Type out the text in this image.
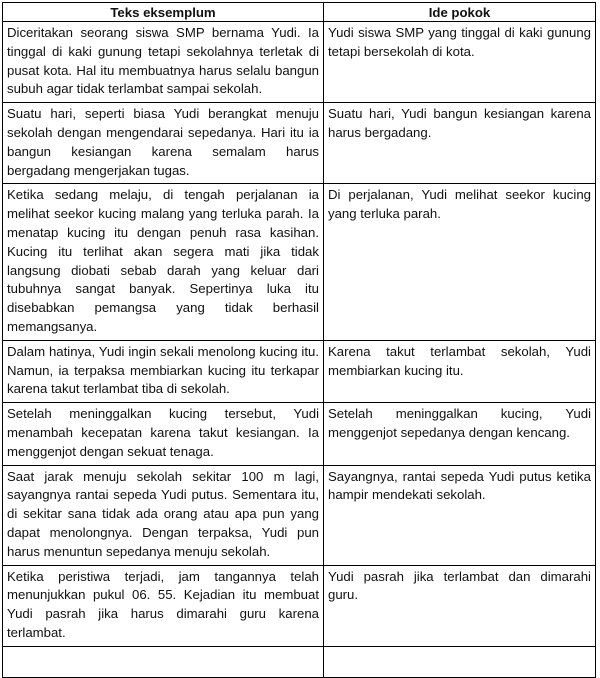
Teks eksemplum	Ide pokok
Diceritakan seorang siswa SMP bernama Yudi. Ia tinggal di kaki gunung tetapi sekolahnya terletak di pusat kota. Hal itu membuatnya harus selalu bangun subuh agar tidak terlambat sampai sekolah.
Yudi siswa SMP yang tinggal di kaki gunung tetapi bersekolah di kota.
Suatu hari, seperti biasa Yudi berangkat menuju sekolah dengan mengendarai sepedanya. Hari itu ia bangun kesiangan karena semalam harus bergadang mengerjakan tugas.
Suatu hari, Yudi bangun kesiangan karena harus bergadang.
Ketika sedang melaju, di tengah perjalanan ia melihat seekor kucing malang yang terluka parah. Ia menatap kucing itu dengan penuh rasa kasihan. Kucing itu terlihat akan segera mati jika tidak langsung diobati sebab darah yang keluar dari tubuhnya sangat banyak. Sepertinya luka itu disebabkan pemangsa yang tidak berhasil memangsanya.
Di perjalanan, Yudi melihat seekor kucing yang terluka parah.
Dalam hatinya, Yudi ingin sekali menolong kucing itu. Namun, ia terpaksa membiarkan kucing itu terkapar karena takut terlambat tiba di sekolah.
Karena takut terlambat sekolah, Yudi membiarkan kucing itu.
Setelah meninggalkan kucing tersebut, Yudi menambah kecepatan karena takut kesiangan. Ia menggenjot dengan sekuat tenaga.
Setelah meninggalkan kucing, Yudi menggenjot sepedanya dengan kencang.
Saat jarak menuju sekolah sekitar 100 m lagi, sayangnya rantai sepeda Yudi putus. Sementara itu, di sekitar sana tidak ada orang atau apa pun yang dapat menolongnya. Dengan terpaksa, Yudi pun harus menuntun sepedanya menuju sekolah.
Sayangnya, rantai sepeda Yudi putus ketika hampir mendekati sekolah.
Ketika peristiwa terjadi, jam tangannya telah menunjukkan pukul 06. 55. Kejadian itu membuat Yudi pasrah jika harus dimarahi guru karena terlambat.
Yudi pasrah jika terlambat dan dimarahi guru.
